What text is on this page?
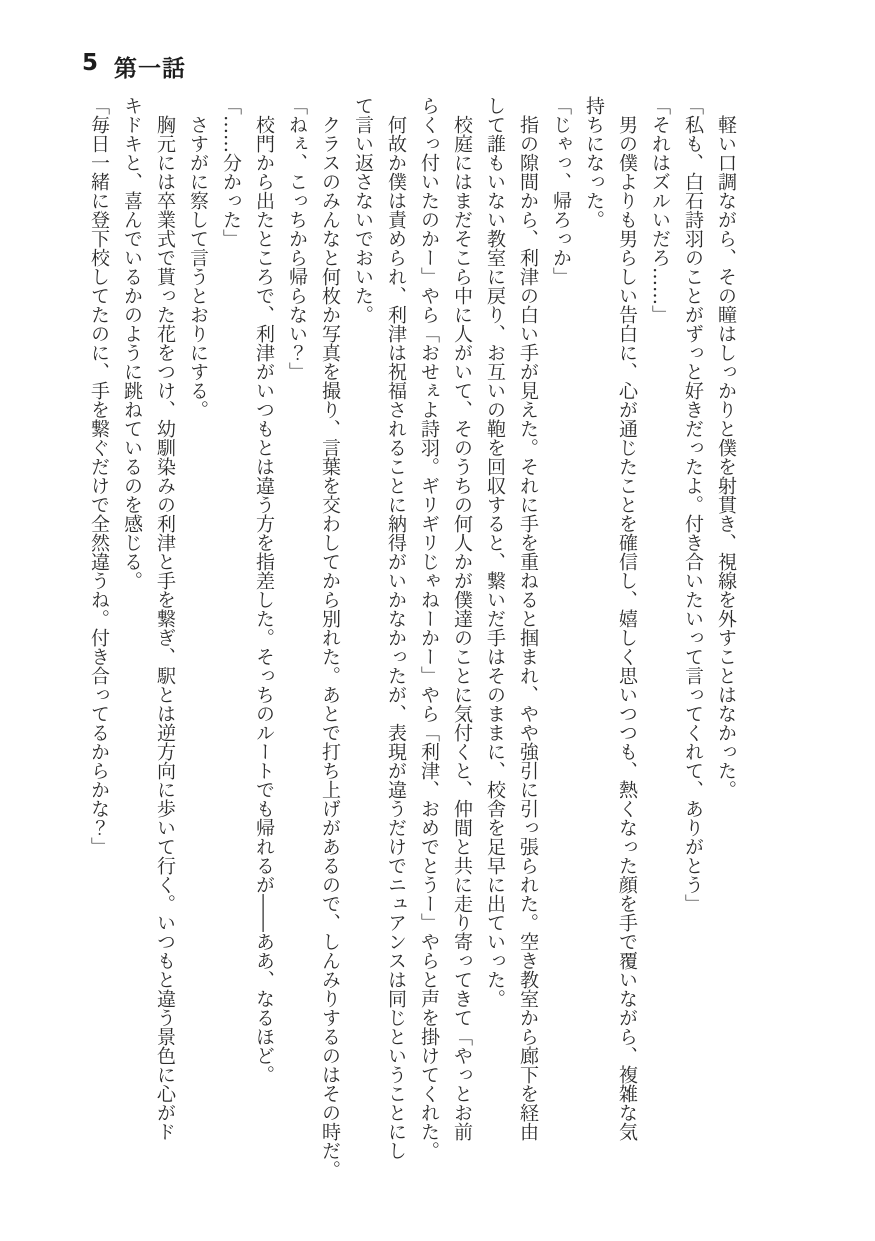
5 第一話

軽い口調ながら、その瞳はしっかりと僕を射貫き、視線を外すことはなかった。

「私も、白石詩羽のことがずっと好きだったよ。付き合いたいって言ってくれて、ありがとう」

「それはズルいだろ……」

男の僕よりも男らしい告白に、心が通じたことを確信し、嬉しく思いつつも、熱くなった顔を手で覆いながら、複雑な気

持ちになった。

「じゃっ、帰ろっか」

指の隙間から、利津の白い手が見えた。それに手を重ねると掴まれ、やや強引に引っ張られた。空き教室から廊下を経由

して誰もいない教室に戻り、お互いの鞄を回収すると、繋いだ手はそのままに、校舎を足早に出ていった。

校庭にはまだそこら中に人がいて、そのうちの何人かが僕達のことに気付くと、仲間と共に走り寄ってきて「やっとお前

らくっ付いたのかー」やら「おせぇよ詩羽。ギリギリじゃねーかー」やら「利津、おめでとうー」やらと声を掛けてくれた。

何故か僕は責められ、利津は祝福されることに納得がいかなかったが、表現が違うだけでニュアンスは同じということにし

て言い返さないでおいた。

クラスのみんなと何枚か写真を撮り、言葉を交わしてから別れた。あとで打ち上げがあるので、しんみりするのはその時だ。

「ねぇ、こっちから帰らない？」

校門から出たところで、利津がいつもとは違う方を指差した。そっちのルートでも帰れるが――ああ、なるほど。

「……分かった」

さすがに察して言うとおりにする。

胸元には卒業式で貰った花をつけ、幼馴染みの利津と手を繋ぎ、駅とは逆方向に歩いて行く。いつもと違う景色に心がド

キドキと、喜んでいるかのように跳ねているのを感じる。

「毎日一緒に登下校してたのに、手を繋ぐだけで全然違うね。付き合ってるからかな？」
